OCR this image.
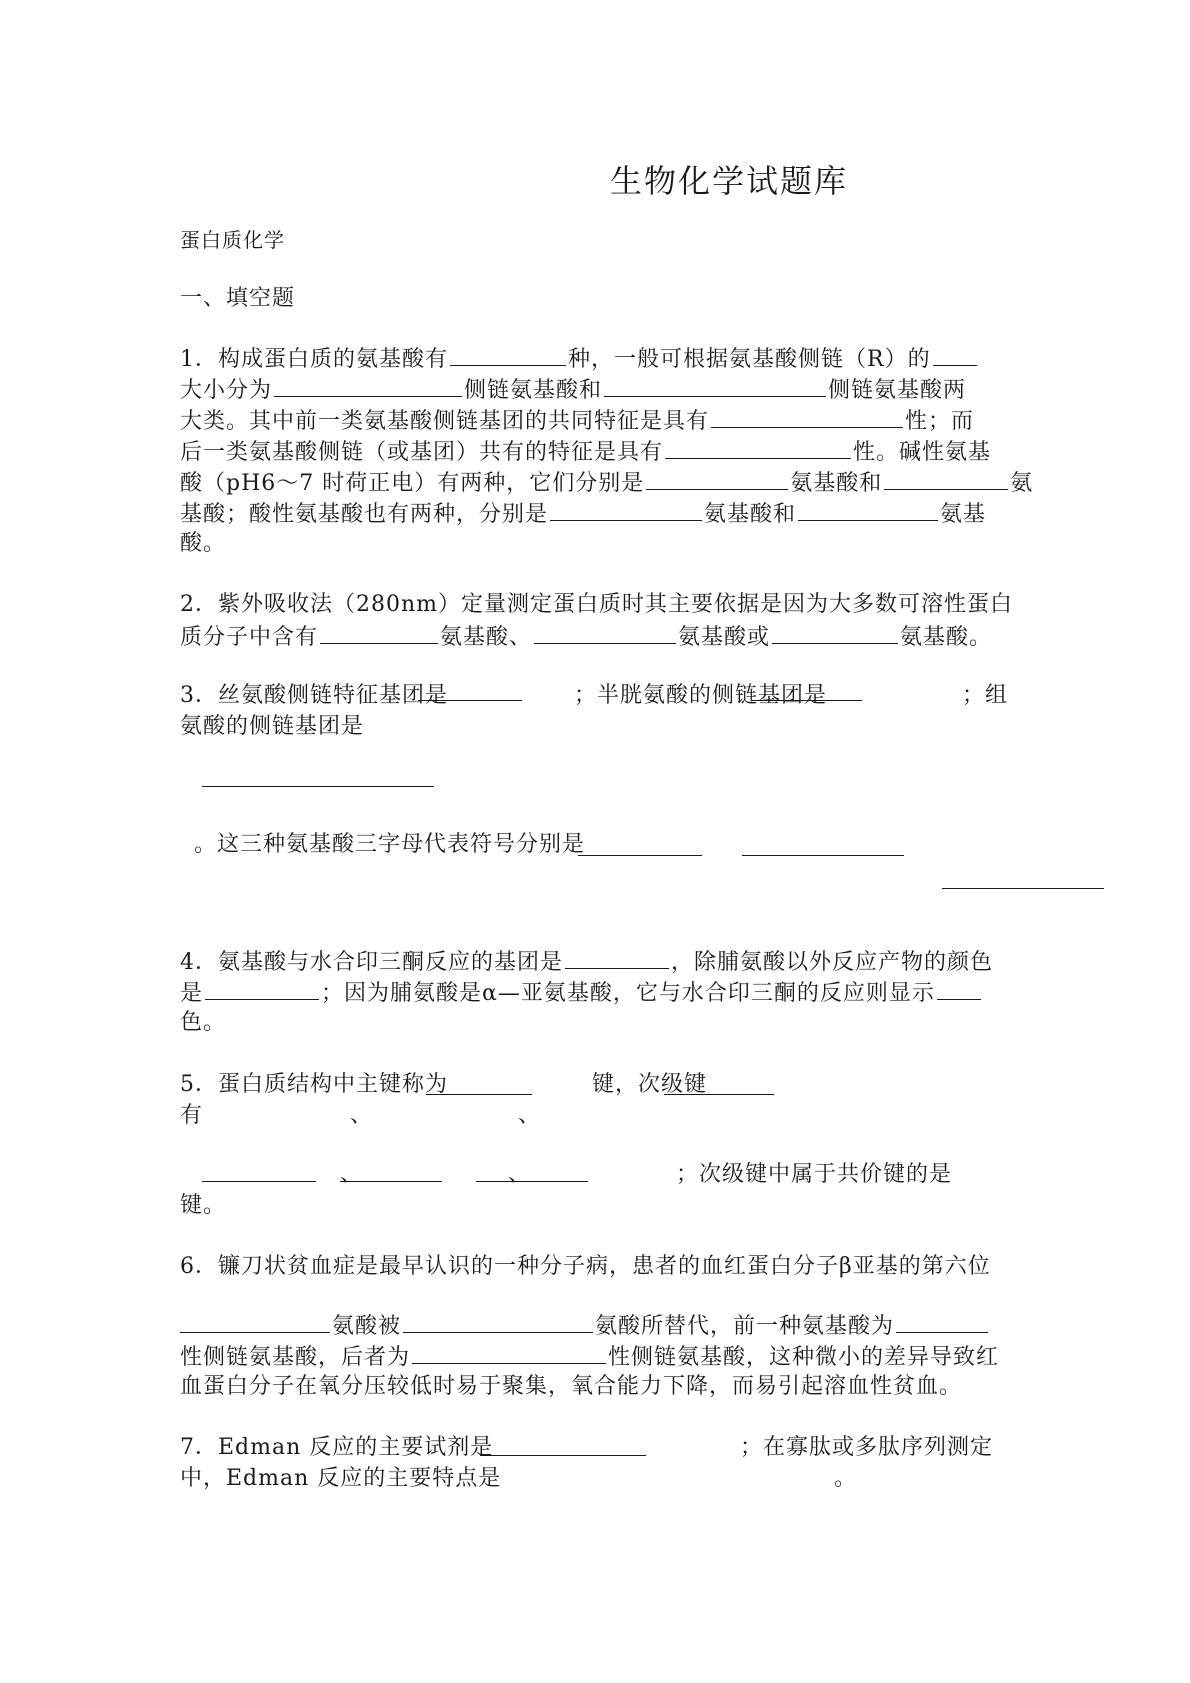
生物化学试题库
蛋白质化学
一、填空题
1．构成蛋白质的氨基酸有	种，一般可根据氨基酸侧链（R）的
大小分为	侧链氨基酸和	侧链氨基酸两
大类。其中前一类氨基酸侧链基团的共同特征是具有	性；而
后一类氨基酸侧链（或基团）共有的特征是具有	性。碱性氨基
酸（pH6～7 时荷正电）有两种，它们分别是	氨基酸和	氨
基酸；酸性氨基酸也有两种，分别是	氨基酸和	氨基
酸。
2．紫外吸收法（280nm）定量测定蛋白质时其主要依据是因为大多数可溶性蛋白
质分子中含有	氨基酸、	氨基酸或	氨基酸。
3．丝氨酸侧链特征基团是	；半胱氨酸的侧链基团是	；组
氨酸的侧链基团是
。这三种氨基酸三字母代表符号分别是
4．氨基酸与水合印三酮反应的基团是	，除脯氨酸以外反应产物的颜色
是	；因为脯氨酸是α—亚氨基酸，它与水合印三酮的反应则显示
色。
5．蛋白质结构中主键称为	键，次级键
有	、	、
、	、	；次级键中属于共价键的是
键。
6．镰刀状贫血症是最早认识的一种分子病，患者的血红蛋白分子β亚基的第六位
氨酸被	氨酸所替代，前一种氨基酸为
性侧链氨基酸，后者为	性侧链氨基酸，这种微小的差异导致红
血蛋白分子在氧分压较低时易于聚集，氧合能力下降，而易引起溶血性贫血。
7．Edman 反应的主要试剂是	；在寡肽或多肽序列测定
中，Edman 反应的主要特点是	。
